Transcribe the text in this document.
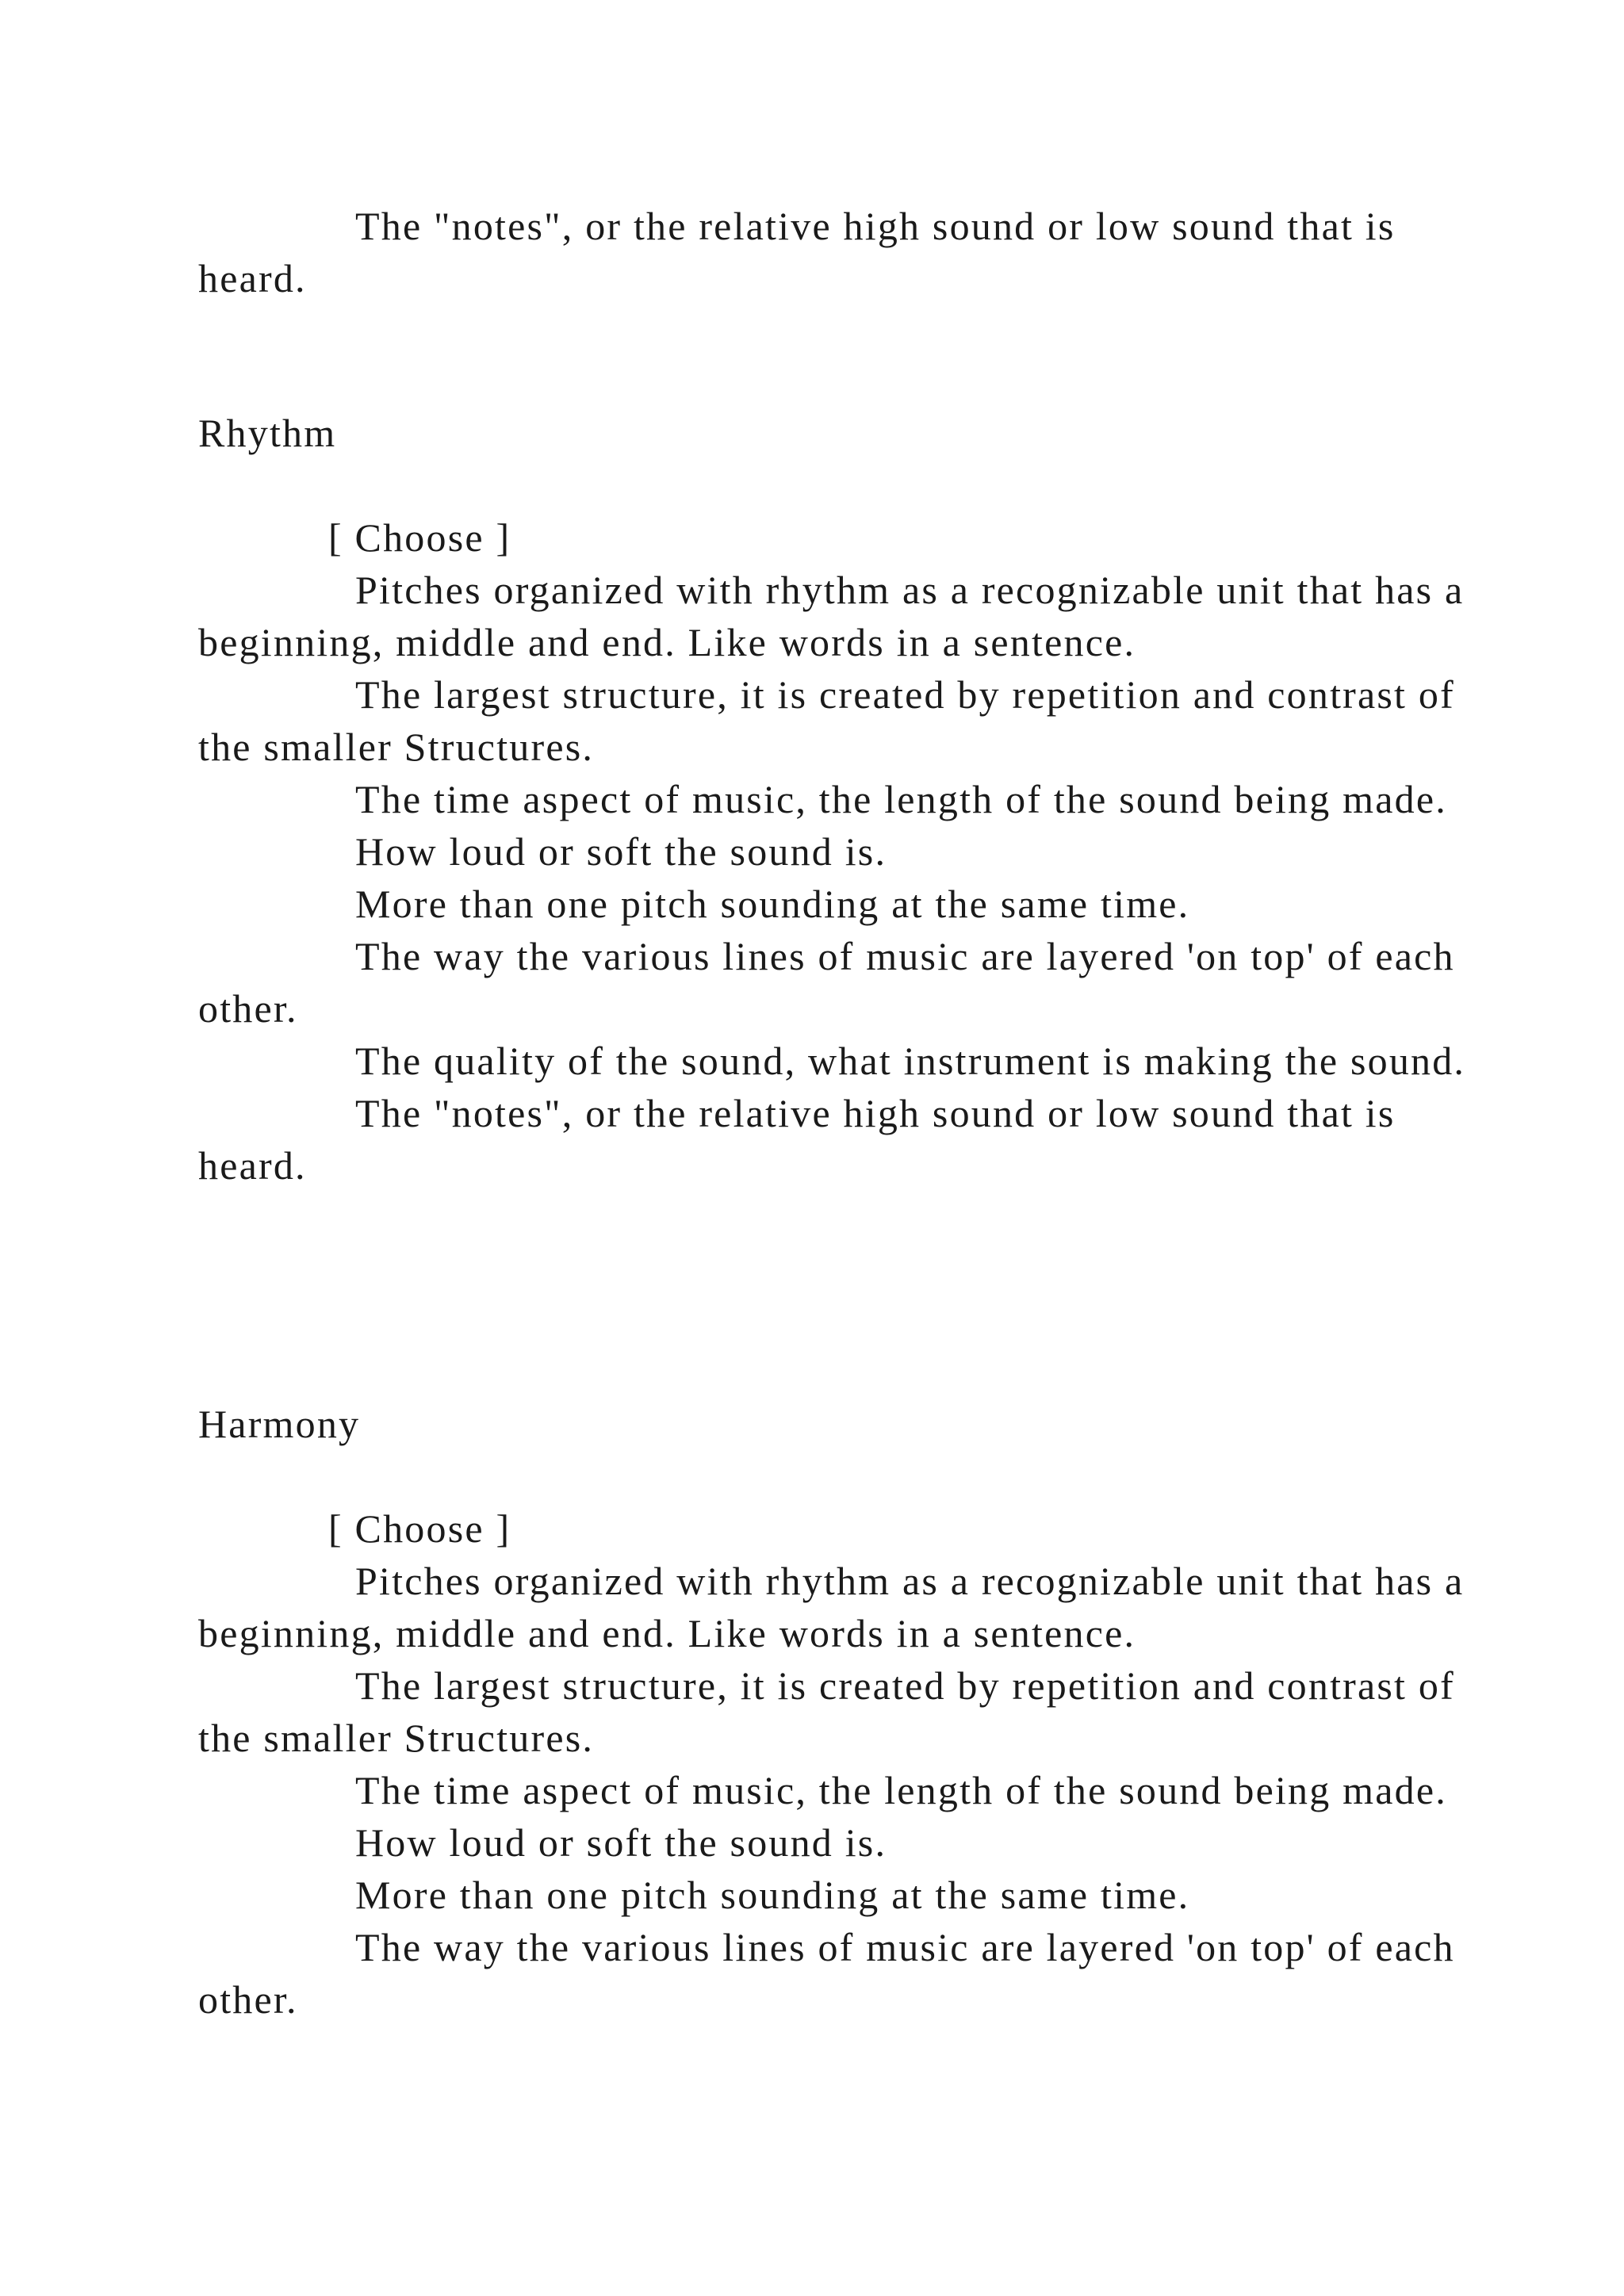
The "notes", or the relative high sound or low sound that is heard.

Rhythm

[ Choose ]

Pitches organized with rhythm as a recognizable unit that has a beginning, middle and end. Like words in a sentence.

The largest structure, it is created by repetition and contrast of the smaller Structures.

The time aspect of music, the length of the sound being made.

How loud or soft the sound is.

More than one pitch sounding at the same time.

The way the various lines of music are layered 'on top' of each other.

The quality of the sound, what instrument is making the sound.

The "notes", or the relative high sound or low sound that is heard.

Harmony

[ Choose ]

Pitches organized with rhythm as a recognizable unit that has a beginning, middle and end. Like words in a sentence.

The largest structure, it is created by repetition and contrast of the smaller Structures.

The time aspect of music, the length of the sound being made.

How loud or soft the sound is.

More than one pitch sounding at the same time.

The way the various lines of music are layered 'on top' of each other.
